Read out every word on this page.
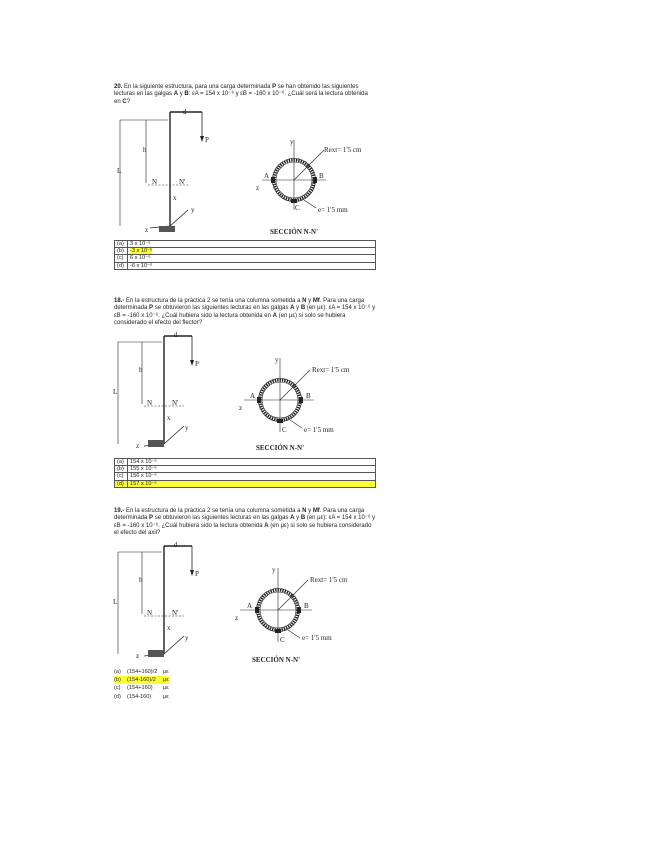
20. En la siguiente estructura, para una carga determinada P se han obtenido las siguientes lecturas en las galgas A y B: εA = 154 x 10⁻⁶ y εB = -160 x 10⁻⁶. ¿Cuál será la lectura obtenida en C?
d
P
h
L
N	N'
x
y
z
y
z
A	B
C
Rext= 1'5 cm
e= 1'5 mm
SECCIÓN N-N'
(a)	3 x 10⁻⁶
(b)	-3 x 10⁻⁶
(c)	6 x 10⁻⁶
(d)	-6 x 10⁻⁶
18.- En la estructura de la práctica 2 se tenía una columna sometida a N y Mf. Para una carga determinada P se obtuvieron las siguientes lecturas en las galgas A y B (en με): εA = 154 x 10⁻⁶ y εB = -160 x 10⁻⁶. ¿Cuál hubiera sido la lectura obtenida en A (en με) si solo se hubiera considerado el efecto del flector?
d
P
h
L
N	N'
x
y
z
y
z
A	B
C
Rext= 1'5 cm
e= 1'5 mm
SECCIÓN N-N'
(a)	154 x 10⁻⁶
(b)	155 x 10⁻⁶
(c)	156 x 10⁻⁶
(d)	157 x 10⁻⁶
19.- En la estructura de la práctica 2 se tenía una columna sometida a N y Mf. Para una carga determinada P se obtuvieron las siguientes lecturas en las galgas A y B (en με): εA = 154 x 10⁻⁶ y εB = -160 x 10⁻⁶. ¿Cuál hubiera sido la lectura obtenida A (en με) si solo se hubiera considerado el efecto del axil?
d
P
h
L
N	N'
x
y
z
y
z
A	B
C
Rext= 1'5 cm
e= 1'5 mm
SECCIÓN N-N'
(a) (154+160)/2 με
(b) (154-160)/2 με
(c) (154+160) με
(d) (154-160) με
